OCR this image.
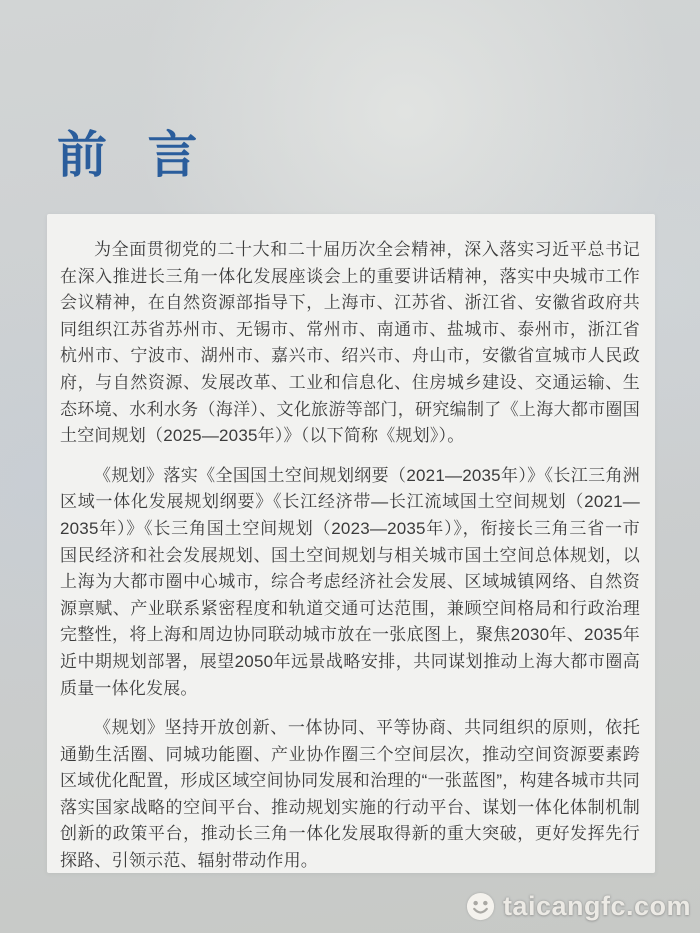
前 言

为全面贯彻党的二十大和二十届历次全会精神，深入落实习近平总书记在深入推进长三角一体化发展座谈会上的重要讲话精神，落实中央城市工作会议精神，在自然资源部指导下，上海市、江苏省、浙江省、安徽省政府共同组织江苏省苏州市、无锡市、常州市、南通市、盐城市、泰州市，浙江省杭州市、宁波市、湖州市、嘉兴市、绍兴市、舟山市，安徽省宣城市人民政府，与自然资源、发展改革、工业和信息化、住房城乡建设、交通运输、生态环境、水利水务（海洋）、文化旅游等部门，研究编制了《上海大都市圈国土空间规划（2025—2035年）》（以下简称《规划》）。

《规划》落实《全国国土空间规划纲要（2021—2035年）》《长江三角洲区域一体化发展规划纲要》《长江经济带—长江流域国土空间规划（2021—2035年）》《长三角国土空间规划（2023—2035年）》，衔接长三角三省一市国民经济和社会发展规划、国土空间规划与相关城市国土空间总体规划，以上海为大都市圈中心城市，综合考虑经济社会发展、区域城镇网络、自然资源禀赋、产业联系紧密程度和轨道交通可达范围，兼顾空间格局和行政治理完整性，将上海和周边协同联动城市放在一张底图上，聚焦2030年、2035年近中期规划部署，展望2050年远景战略安排，共同谋划推动上海大都市圈高质量一体化发展。

《规划》坚持开放创新、一体协同、平等协商、共同组织的原则，依托通勤生活圈、同城功能圈、产业协作圈三个空间层次，推动空间资源要素跨区域优化配置，形成区域空间协同发展和治理的“一张蓝图”，构建各城市共同落实国家战略的空间平台、推动规划实施的行动平台、谋划一体化体制机制创新的政策平台，推动长三角一体化发展取得新的重大突破，更好发挥先行探路、引领示范、辐射带动作用。

taicangfc.com
